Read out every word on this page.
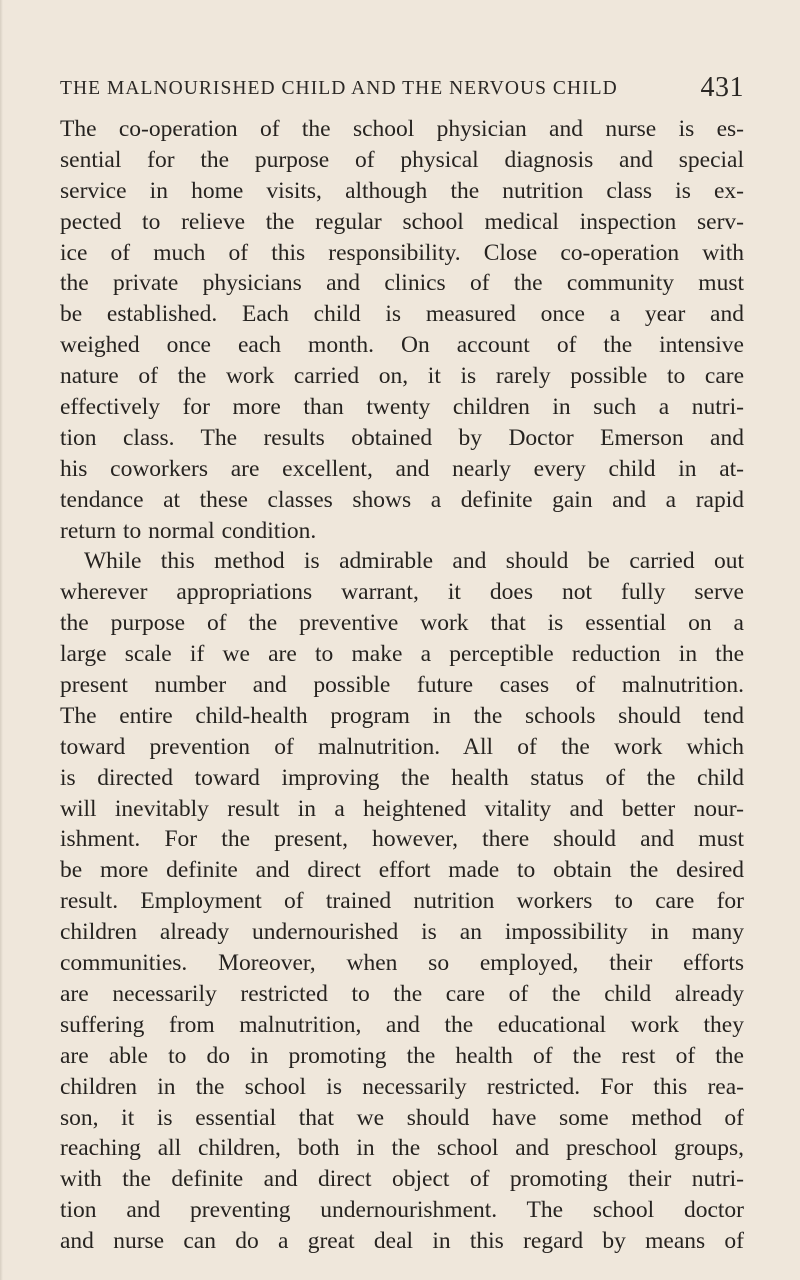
THE MALNOURISHED CHILD AND THE NERVOUS CHILD	431
The co-operation of the school physician and nurse is es-
sential for the purpose of physical diagnosis and special
service in home visits, although the nutrition class is ex-
pected to relieve the regular school medical inspection serv-
ice of much of this responsibility. Close co-operation with
the private physicians and clinics of the community must
be established. Each child is measured once a year and
weighed once each month. On account of the intensive
nature of the work carried on, it is rarely possible to care
effectively for more than twenty children in such a nutri-
tion class. The results obtained by Doctor Emerson and
his coworkers are excellent, and nearly every child in at-
tendance at these classes shows a definite gain and a rapid
return to normal condition.
While this method is admirable and should be carried out
wherever appropriations warrant, it does not fully serve
the purpose of the preventive work that is essential on a
large scale if we are to make a perceptible reduction in the
present number and possible future cases of malnutrition.
The entire child-health program in the schools should tend
toward prevention of malnutrition. All of the work which
is directed toward improving the health status of the child
will inevitably result in a heightened vitality and better nour-
ishment. For the present, however, there should and must
be more definite and direct effort made to obtain the desired
result. Employment of trained nutrition workers to care for
children already undernourished is an impossibility in many
communities. Moreover, when so employed, their efforts
are necessarily restricted to the care of the child already
suffering from malnutrition, and the educational work they
are able to do in promoting the health of the rest of the
children in the school is necessarily restricted. For this rea-
son, it is essential that we should have some method of
reaching all children, both in the school and preschool groups,
with the definite and direct object of promoting their nutri-
tion and preventing undernourishment. The school doctor
and nurse can do a great deal in this regard by means of
